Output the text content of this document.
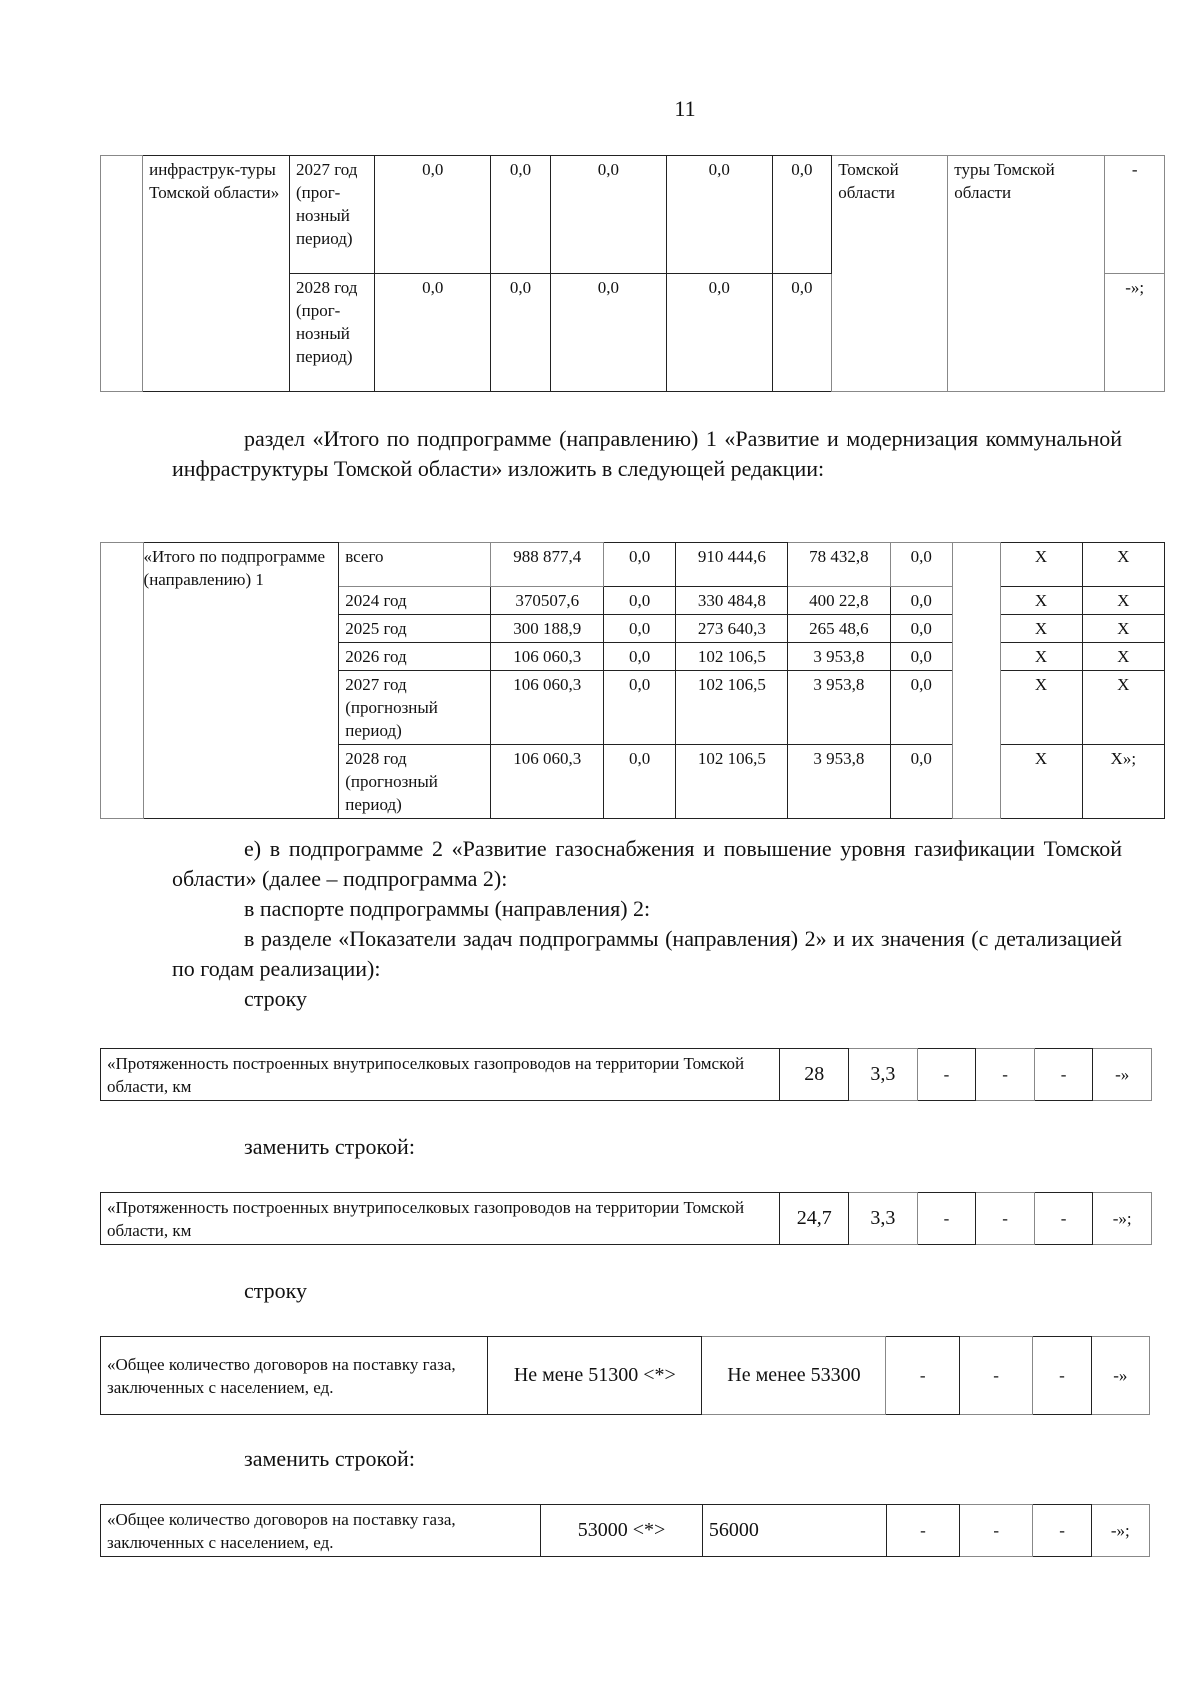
11
	инфраструк-туры Томской области»	2027 год (прог-нозный период)	0,0	0,0	0,0	0,0	0,0	Томской области	туры Томской области	-
		2028 год (прог-нозный период)	0,0	0,0	0,0	0,0	0,0			-»;
раздел «Итого по подпрограмме (направлению) 1 «Развитие и модернизация коммунальной инфраструктуры Томской области» изложить в следующей редакции:
	«Итого по подпрограмме (направлению) 1	всего	988 877,4	0,0	910 444,6	78 432,8	0,0		X	X
		2024 год	370507,6	0,0	330 484,8	400 22,8	0,0		X	X
		2025 год	300 188,9	0,0	273 640,3	265 48,6	0,0		X	X
		2026 год	106 060,3	0,0	102 106,5	3 953,8	0,0		X	X
		2027 год (прогнозный период)	106 060,3	0,0	102 106,5	3 953,8	0,0		X	X
		2028 год (прогнозный период)	106 060,3	0,0	102 106,5	3 953,8	0,0		X	X»;
е) в подпрограмме 2 «Развитие газоснабжения и повышение уровня газификации Томской области» (далее – подпрограмма 2):
в паспорте подпрограммы (направления) 2:
в разделе «Показатели задач подпрограммы (направления) 2» и их значения (с детализацией по годам реализации):
строку
«Протяженность построенных внутрипоселковых газопроводов на территории Томской области, км	28	3,3	-	-	-	-»
заменить строкой:
«Протяженность построенных внутрипоселковых газопроводов на территории Томской области, км	24,7	3,3	-	-	-	-»;
строку
«Общее количество договоров на поставку газа, заключенных с населением, ед.	Не мене 51300 <*>	Не менее 53300	-	-	-	-»
заменить строкой:
«Общее количество договоров на поставку газа, заключенных с населением, ед.	53000 <*>	56000	-	-	-	-»;
